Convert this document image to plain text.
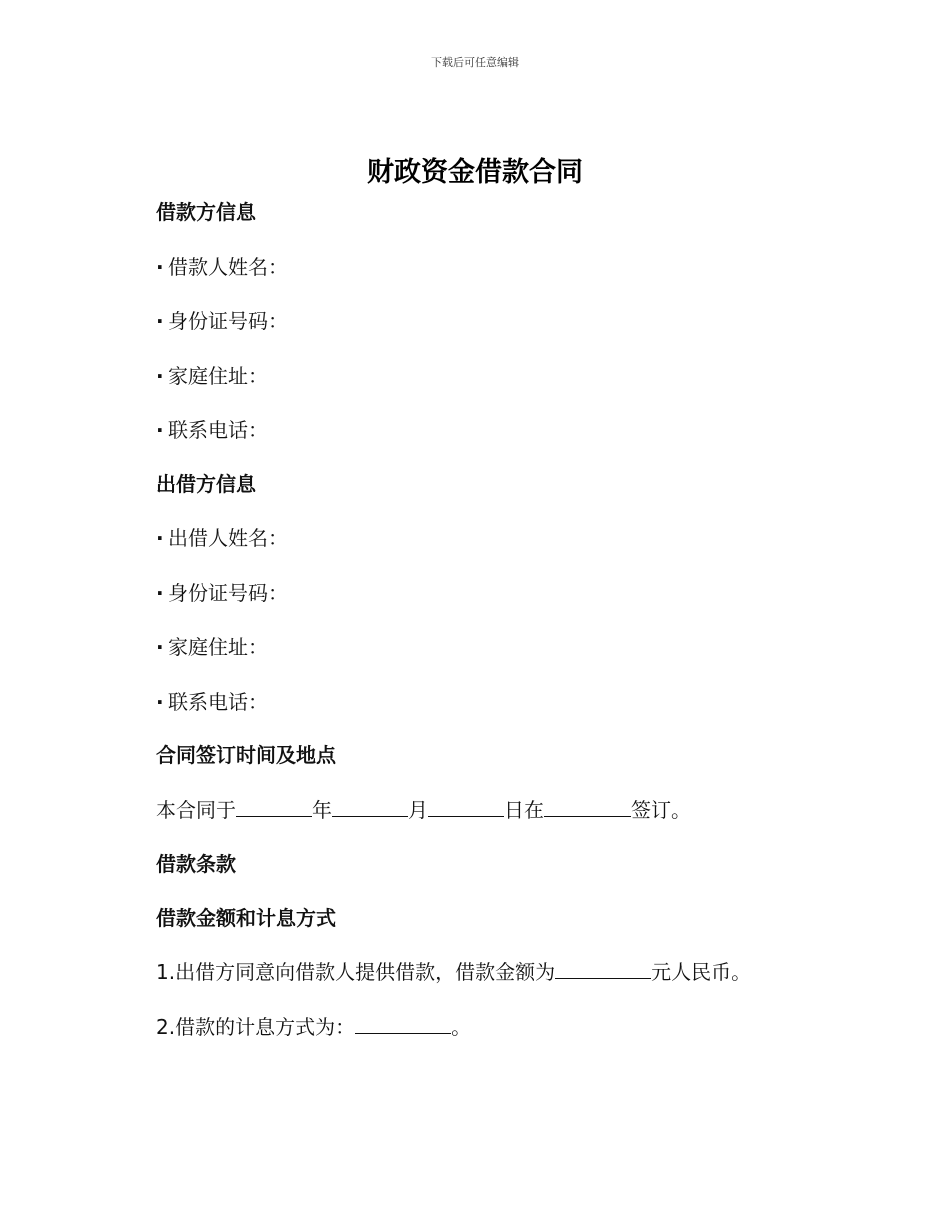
下载后可任意编辑
财政资金借款合同
借款方信息
· 借款人姓名：
· 身份证号码：
· 家庭住址：
· 联系电话：
出借方信息
· 出借人姓名：
· 身份证号码：
· 家庭住址：
· 联系电话：
合同签订时间及地点
本合同于	年	月	日在	签订。
借款条款
借款金额和计息方式
1.出借方同意向借款人提供借款，借款金额为	元人民币。
2.借款的计息方式为：	。
